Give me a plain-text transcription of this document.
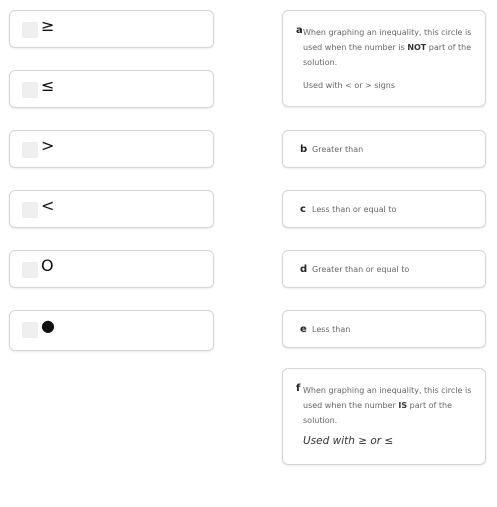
≥
≤
>
<
O
●
a When graphing an inequality, this circle is used when the number is NOT part of the solution.
Used with < or > signs
b Greater than
c Less than or equal to
d Greater than or equal to
e Less than
f When graphing an inequality, this circle is used when the number IS part of the solution.
Used with ≥ or ≤
